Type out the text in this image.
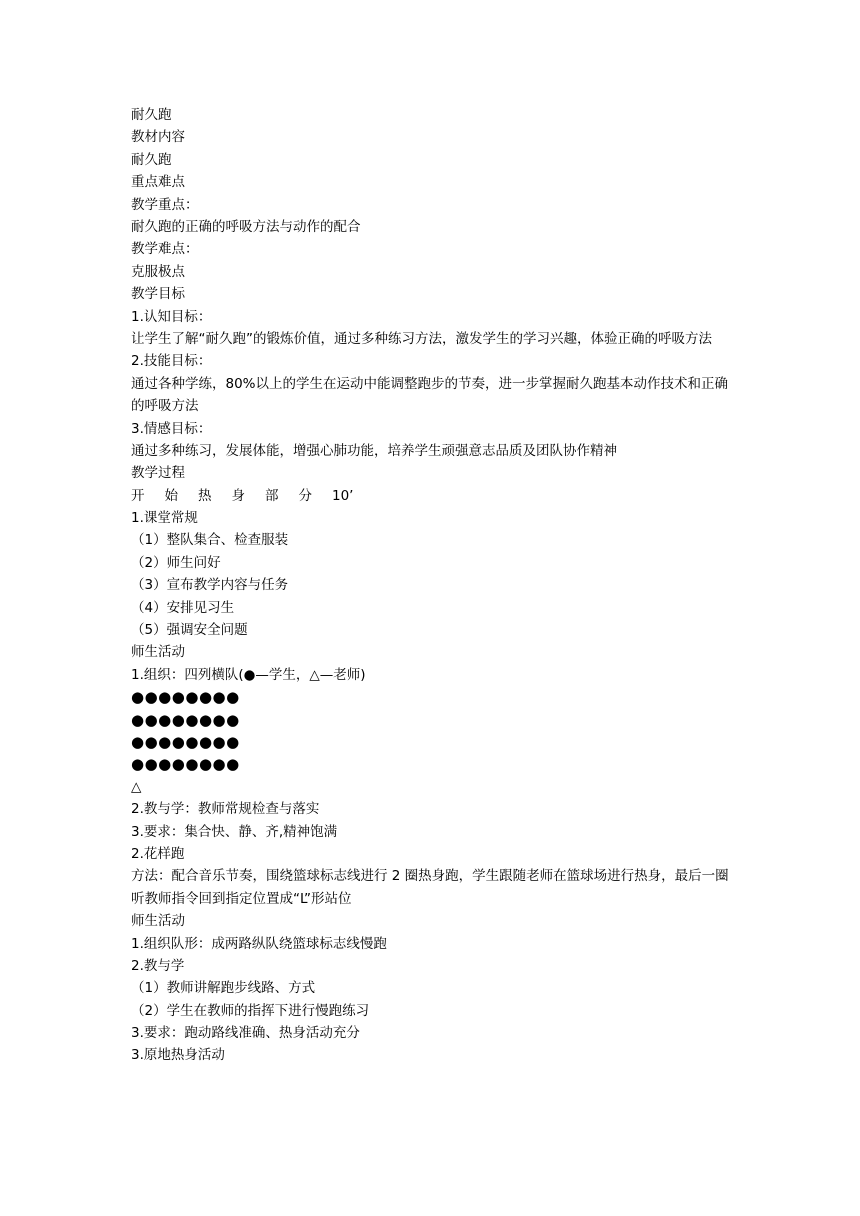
耐久跑
教材内容
耐久跑
重点难点
教学重点：
耐久跑的正确的呼吸方法与动作的配合
教学难点：
克服极点
教学目标
1.认知目标：
让学生了解“耐久跑”的锻炼价值，通过多种练习方法，激发学生的学习兴趣，体验正确的呼吸方法
2.技能目标：
通过各种学练，80%以上的学生在运动中能调整跑步的节奏，进一步掌握耐久跑基本动作技术和正确的呼吸方法
3.情感目标：
通过多种练习，发展体能，增强心肺功能，培养学生顽强意志品质及团队协作精神
教学过程
开 始 热 身 部 分 10’
1.课堂常规
（1）整队集合、检查服装
（2）师生问好
（3）宣布教学内容与任务
（4）安排见习生
（5）强调安全问题
师生活动
1.组织：四列横队(●—学生，△—老师)
●●●●●●●●
●●●●●●●●
●●●●●●●●
●●●●●●●●
△
2.教与学：教师常规检查与落实
3.要求：集合快、静、齐,精神饱满
2.花样跑
方法：配合音乐节奏，围绕篮球标志线进行 2 圈热身跑，学生跟随老师在篮球场进行热身，最后一圈听教师指令回到指定位置成“L”形站位
师生活动
1.组织队形：成两路纵队绕篮球标志线慢跑
2.教与学
（1）教师讲解跑步线路、方式
（2）学生在教师的指挥下进行慢跑练习
3.要求：跑动路线准确、热身活动充分
3.原地热身活动
